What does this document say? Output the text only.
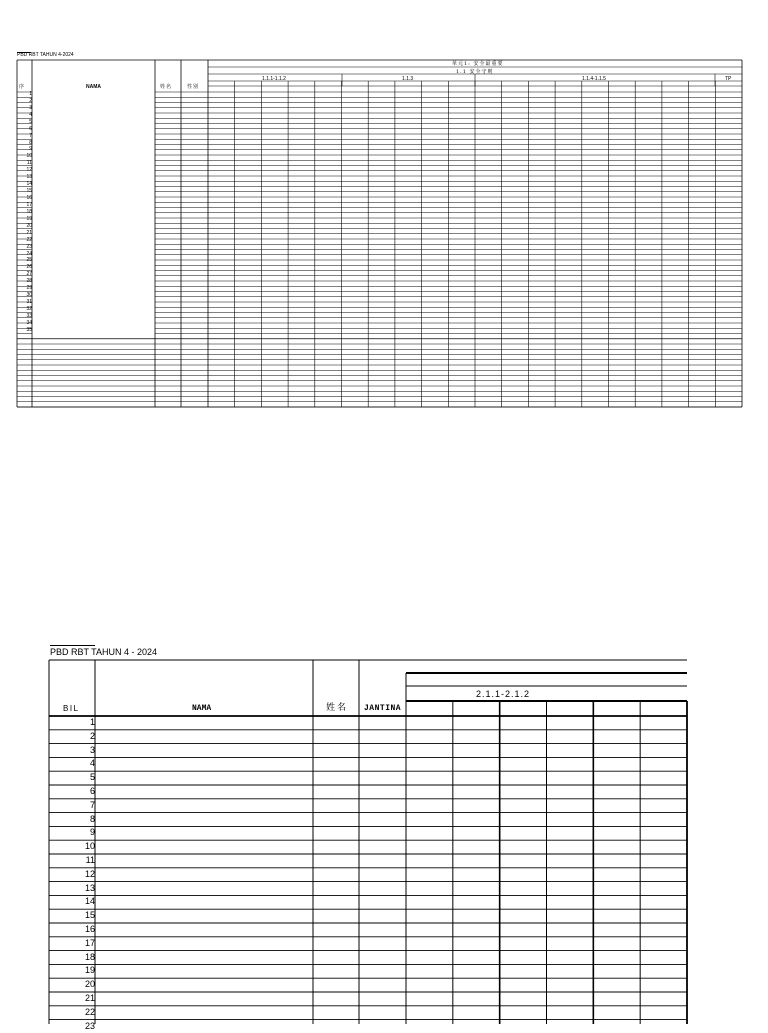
PBD RBT TAHUN 4-2024
序	NAMA	姓名	性别
单元1: 安全最重要
1.1 安全守则
1.1.1-1.1.2	1.1.3	1.1.4-1.1.5	TP
1
2
3
4
5
6
7
8
9
10
11
12
13
14
15
16
17
18
19
20
21
22
23
24
25
26
27
28
29
30
31
32
33
34
35
PBD RBT TAHUN 4 - 2024
BIL	NAMA	姓名 JANTINA
2.1.1-2.1.2
1
2
3
4
5
6
7
8
9
10
11
12
13
14
15
16
17
18
19
20
21
22
23
